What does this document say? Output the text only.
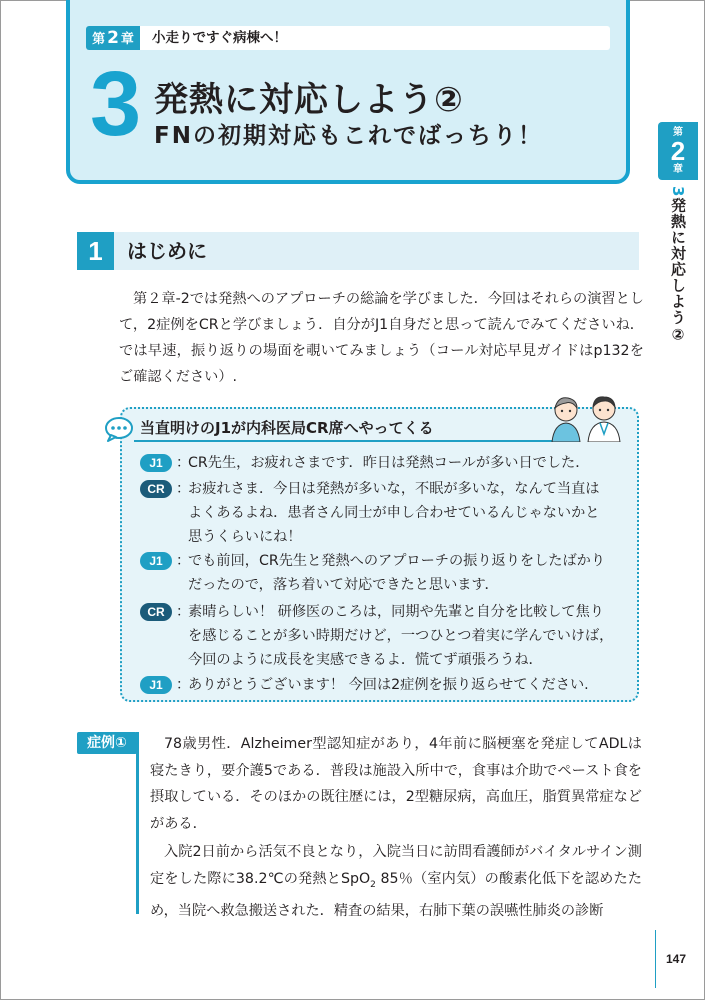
第 2 章	小走りですぐ病棟へ！
3 発熱に対応しよう②
FNの初期対応もこれでばっちり！	第
2
章
3発熱に対応しよう②
147
1	はじめに

第２章-2では発熱へのアプローチの総論を学びました．今回はそれらの演習として，2症例をCRと学びましょう．自分がJ1自身だと思って読んでみてくださいね．では早速，振り返りの場面を覗いてみましょう（コール対応早見ガイドはp132をご確認ください）.

当直明けのJ1が内科医局CR席へやってくる
J1 ：
CR先生，お疲れさまです．昨日は発熱コールが多い日でした．
CR ：
お疲れさま．今日は発熱が多いな，不眠が多いな，なんて当直は
よくあるよね．患者さん同士が申し合わせているんじゃないかと
思うくらいにね！
J1 ：
でも前回，CR先生と発熱へのアプローチの振り返りをしたばかり
だったので，落ち着いて対応できたと思います．
CR ：
素晴らしい！ 研修医のころは，同期や先輩と自分を比較して焦り
を感じることが多い時期だけど，一つひとつ着実に学んでいけば，
今回のように成長を実感できるよ．慌てず頑張ろうね．
J1 ：
ありがとうございます！ 今回は2症例を振り返らせてください.
症例①	78歳男性．Alzheimer型認知症があり，4年前に脳梗塞を発症してADLは寝たきり，要介護5である．普段は施設入所中で，食事は介助でペースト食を摂取している．そのほかの既往歴には，2型糖尿病，高血圧，脂質異常症などがある．

入院2日前から活気不良となり，入院当日に訪問看護師がバイタルサイン測定をした際に38.2℃の発熱とSpO$_2$ 85％（室内気）の酸素化低下を認めたため，当院へ救急搬送された．精査の結果，右肺下葉の誤嚥性肺炎の診断
